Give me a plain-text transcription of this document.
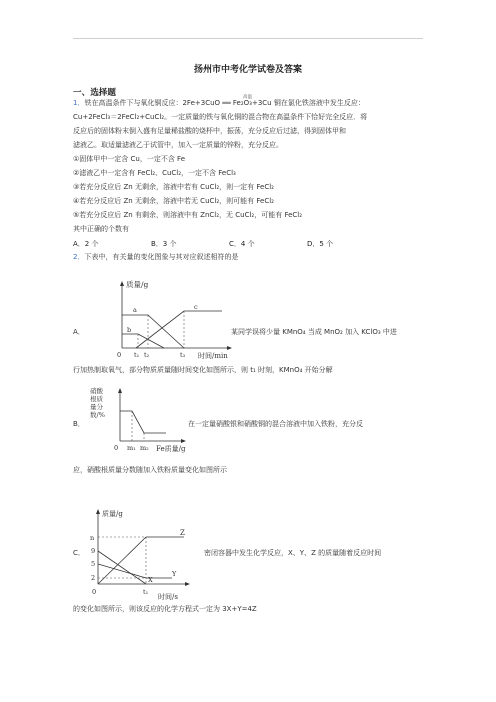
扬州市中考化学试卷及答案
一、选择题
1．铁在高温条件下与氧化铜反应：2Fe+3CuO ══ Fe₂O₃+3Cu 铜在氯化铁溶液中发生反应：
高温
Cu+2FeCl₃＝2FeCl₂+CuCl₂。一定质量的铁与氧化铜的混合物在高温条件下恰好完全反应．将
反应后的固体粉末倒入盛有足量稀盐酸的烧杯中，振荡，充分反应后过滤，得到固体甲和
滤液乙。取适量滤液乙于试管中，加入一定质量的锌粉，充分反应。
①固体甲中一定含 Cu，一定不含 Fe
②滤液乙中一定含有 FeCl₂、CuCl₂，一定不含 FeCl₃
③若充分反应后 Zn 无剩余，溶液中若有 CuCl₂，则一定有 FeCl₂
④若充分反应后 Zn 无剩余，溶液中若无 CuCl₂，则可能有 FeCl₂
⑤若充分反应后 Zn 有剩余，则溶液中有 ZnCl₂，无 CuCl₂，可能有 FeCl₂
其中正确的个数有
A．2 个	B．3 个	C．4 个	D．5 个
2．下表中，有关量的变化图象与其对应叙述相符的是
A．
质量/g
a
b
c
0 t₁ t₂	t₃ 时间/min
某同学误将少量 KMnO₄ 当成 MnO₂ 加入 KClO₃ 中进
行加热制取氧气，部分物质质量随时间变化如图所示，则 t₁ 时刻，KMnO₄ 开始分解
B．
硝酸
根质
量分
数/%
0 m₁ m₂ Fe质量/g
在一定量硝酸银和硝酸铜的混合溶液中加入铁粉，充分反
应，硝酸根质量分数随加入铁粉质量变化如图所示
C．
质量/g
n
9
5
2
Z
X
Y
0	t₁
时间/s
密闭容器中发生化学反应，X、Y、Z 的质量随着反应时间
的变化如图所示，则该反应的化学方程式一定为 3X+Y=4Z
